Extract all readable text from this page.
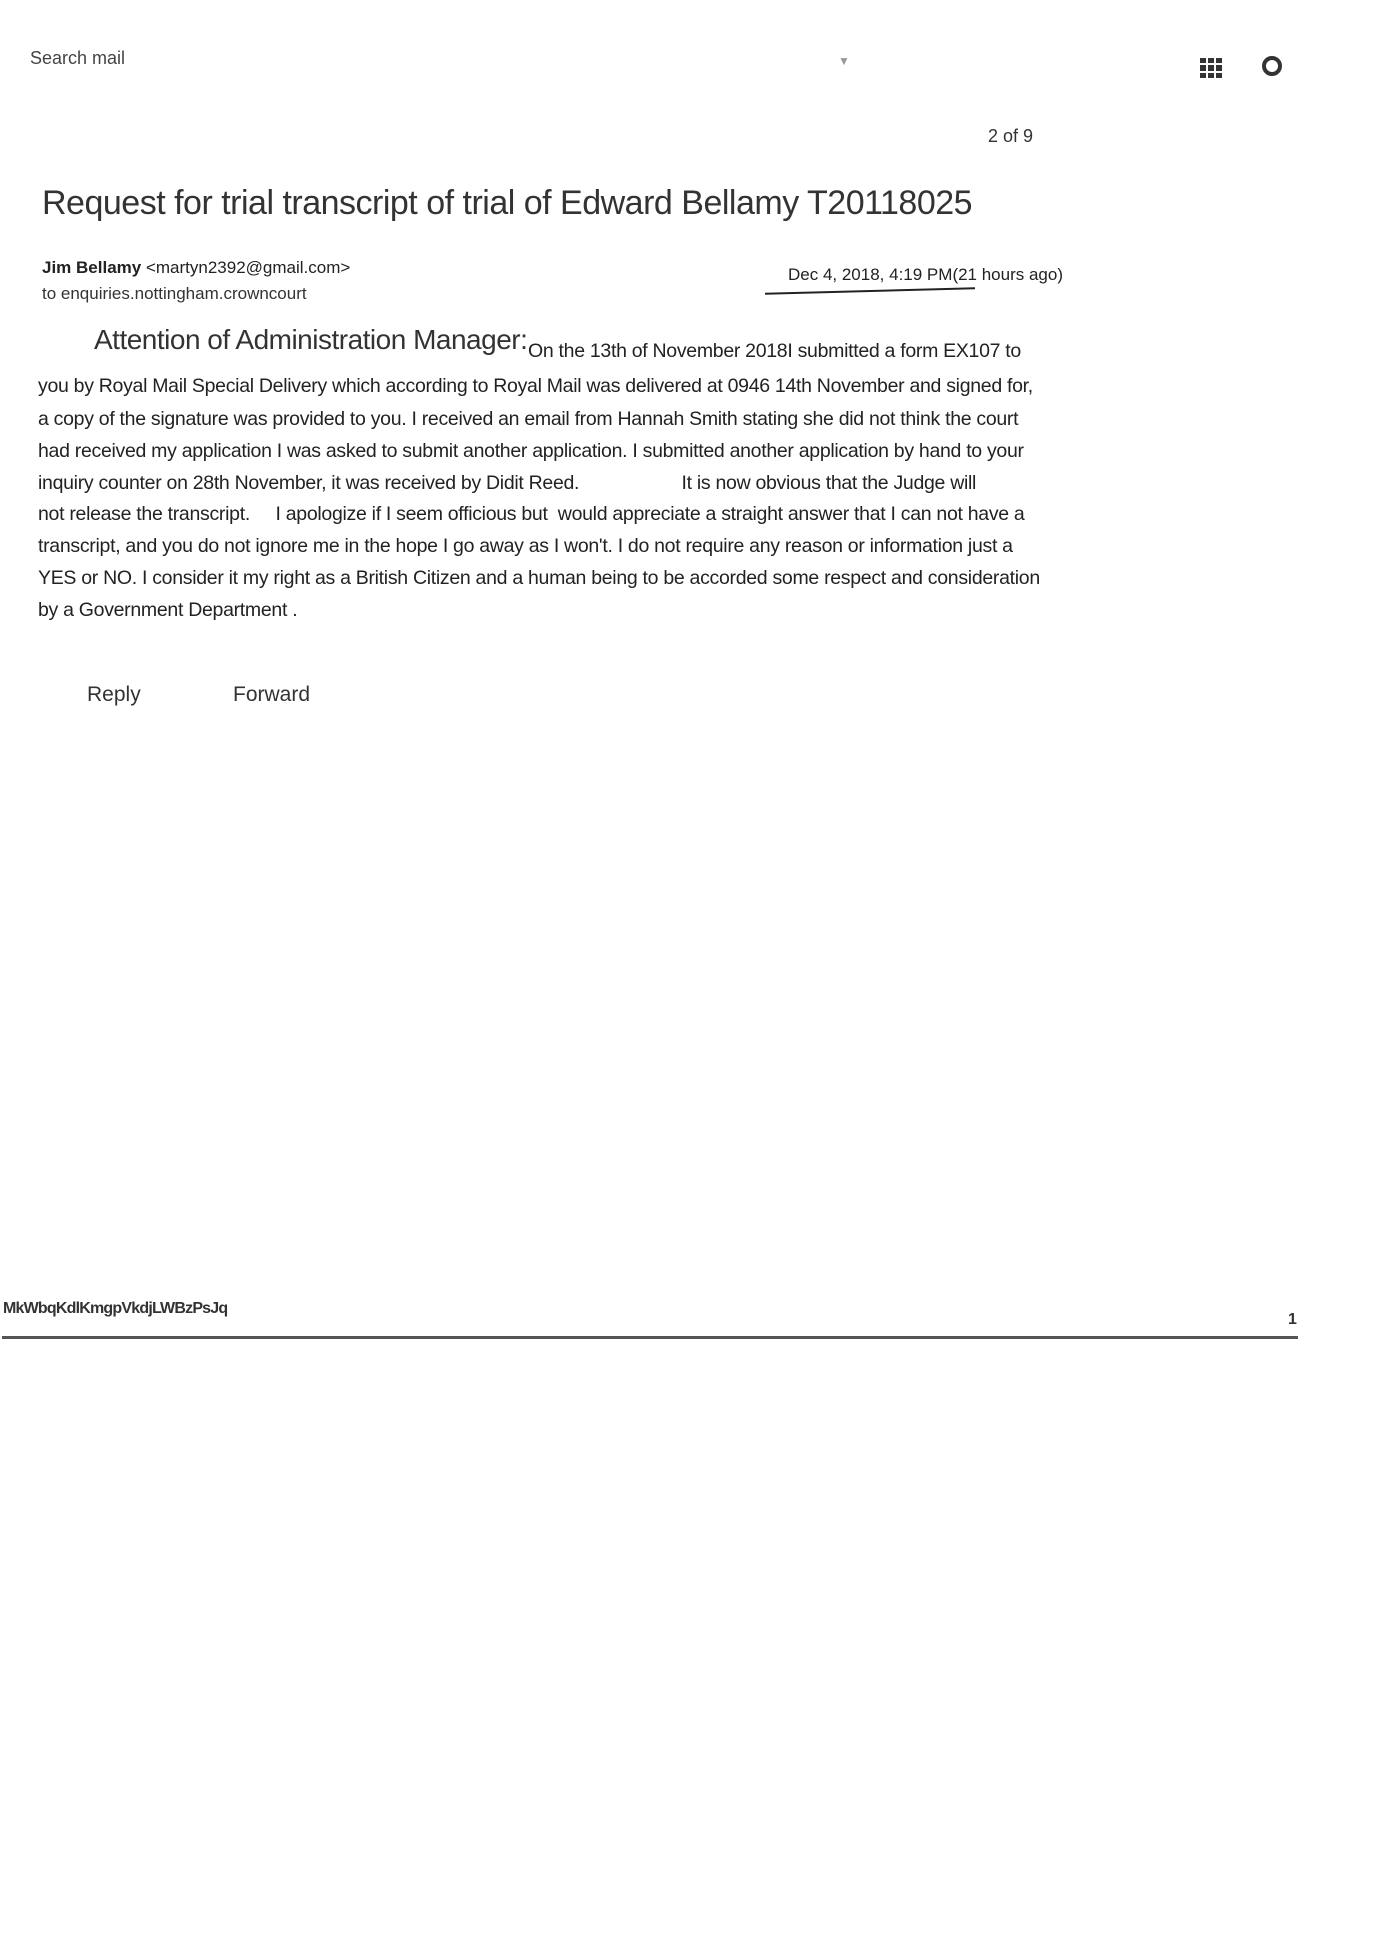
Search mail	▼
2 of 9
Request for trial transcript of trial of Edward Bellamy T20118025
Jim Bellamy <martyn2392@gmail.com>
to enquiries.nottingham.crowncourt
Dec 4, 2018, 4:19 PM(21 hours ago)
Attention of Administration Manager: On the 13th of November 2018I submitted a form EX107 to
you by Royal Mail Special Delivery which according to Royal Mail was delivered at 0946 14th November and signed for,
a copy of the signature was provided to you. I received an email from Hannah Smith stating she did not think the court
had received my application I was asked to submit another application. I submitted another application by hand to your
inquiry counter on 28th November, it was received by Didit Reed.                    It is now obvious that the Judge will
not release the transcript.     I apologize if I seem officious but  would appreciate a straight answer that I can not have a
transcript, and you do not ignore me in the hope I go away as I won't. I do not require any reason or information just a
YES or NO. I consider it my right as a British Citizen and a human being to be accorded some respect and consideration
by a Government Department .
Reply	Forward
MkWbqKdlKmgpVkdjLWBzPsJq
1
